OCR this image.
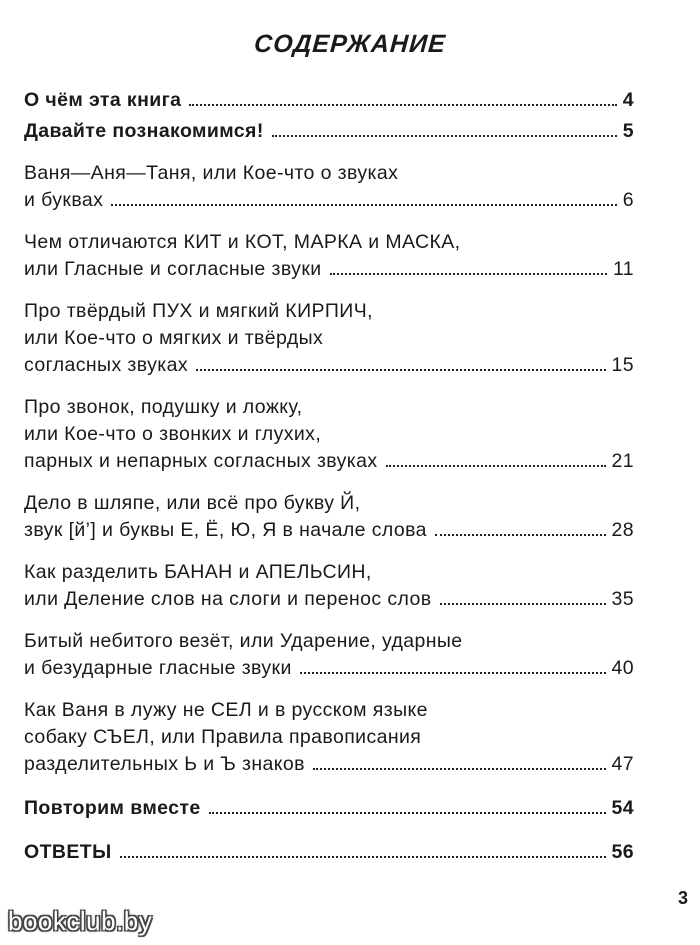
СОДЕРЖАНИЕ
О чём эта книга	4
Давайте познакомимся!	5
Ваня—Аня—Таня, или Кое-что о звуках
и буквах	6
Чем отличаются КИТ и КОТ, МАРКА и МАСКА,
или Гласные и согласные звуки	11
Про твёрдый ПУХ и мягкий КИРПИЧ,
или Кое-что о мягких и твёрдых
согласных звуках	15
Про звонок, подушку и ложку,
или Кое-что о звонких и глухих,
парных и непарных согласных звуках	21
Дело в шляпе, или всё про букву Й,
звук [й’] и буквы Е, Ё, Ю, Я в начале слова	28
Как разделить БАНАН и АПЕЛЬСИН,
или Деление слов на слоги и перенос слов	35
Битый небитого везёт, или Ударение, ударные
и безударные гласные звуки	40
Как Ваня в лужу не СЕЛ и в русском языке
собаку СЪЕЛ, или Правила правописания
разделительных Ь и Ъ знаков	47
Повторим вместе	54
ОТВЕТЫ	56
3
bookclub.by
